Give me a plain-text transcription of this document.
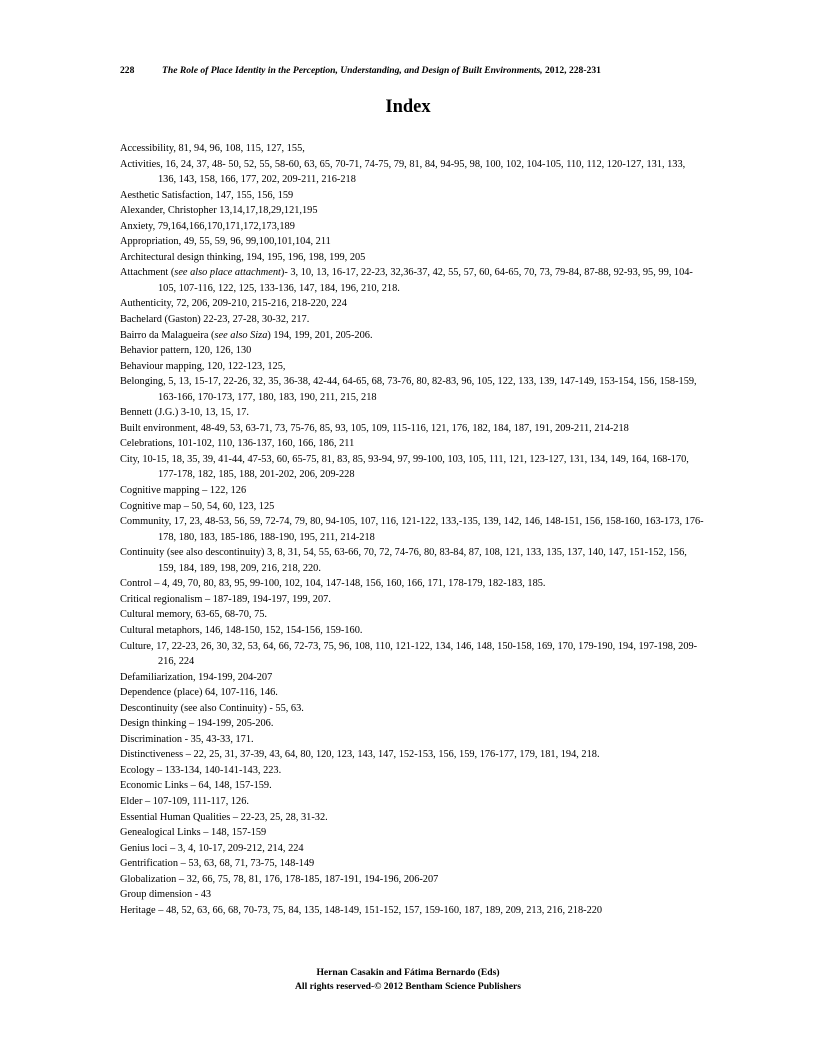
228	The Role of Place Identity in the Perception, Understanding, and Design of Built Environments, 2012, 228-231
Index
Accessibility, 81, 94, 96, 108, 115, 127, 155,
Activities, 16, 24, 37, 48- 50, 52, 55, 58-60, 63, 65, 70-71, 74-75, 79, 81, 84, 94-95, 98, 100, 102, 104-105, 110, 112, 120-127, 131, 133, 136, 143, 158, 166, 177, 202, 209-211, 216-218
Aesthetic Satisfaction, 147, 155, 156, 159
Alexander, Christopher 13,14,17,18,29,121,195
Anxiety, 79,164,166,170,171,172,173,189
Appropriation, 49, 55, 59, 96, 99,100,101,104, 211
Architectural design thinking, 194, 195, 196, 198, 199, 205
Attachment (see also place attachment)- 3, 10, 13, 16-17, 22-23, 32,36-37, 42, 55, 57, 60, 64-65, 70, 73, 79-84, 87-88, 92-93, 95, 99, 104-105, 107-116, 122, 125, 133-136, 147, 184, 196, 210, 218.
Authenticity, 72, 206, 209-210, 215-216, 218-220, 224
Bachelard (Gaston) 22-23, 27-28, 30-32, 217.
Bairro da Malagueira (see also Siza) 194, 199, 201, 205-206.
Behavior pattern, 120, 126, 130
Behaviour mapping, 120, 122-123, 125,
Belonging, 5, 13, 15-17, 22-26, 32, 35, 36-38, 42-44, 64-65, 68, 73-76, 80, 82-83, 96, 105, 122, 133, 139, 147-149, 153-154, 156, 158-159, 163-166, 170-173, 177, 180, 183, 190, 211, 215, 218
Bennett (J.G.) 3-10, 13, 15, 17.
Built environment, 48-49, 53, 63-71, 73, 75-76, 85, 93, 105, 109, 115-116, 121, 176, 182, 184, 187, 191, 209-211, 214-218
Celebrations, 101-102, 110, 136-137, 160, 166, 186, 211
City, 10-15, 18, 35, 39, 41-44, 47-53, 60, 65-75, 81, 83, 85, 93-94, 97, 99-100, 103, 105, 111, 121, 123-127, 131, 134, 149, 164, 168-170, 177-178, 182, 185, 188, 201-202, 206, 209-228
Cognitive mapping – 122, 126
Cognitive map – 50, 54, 60, 123, 125
Community, 17, 23, 48-53, 56, 59, 72-74, 79, 80, 94-105, 107, 116, 121-122, 133,-135, 139, 142, 146, 148-151, 156, 158-160, 163-173, 176-178, 180, 183, 185-186, 188-190, 195, 211, 214-218
Continuity (see also descontinuity) 3, 8, 31, 54, 55, 63-66, 70, 72, 74-76, 80, 83-84, 87, 108, 121, 133, 135, 137, 140, 147, 151-152, 156, 159, 184, 189, 198, 209, 216, 218, 220.
Control – 4, 49, 70, 80, 83, 95, 99-100, 102, 104, 147-148, 156, 160, 166, 171, 178-179, 182-183, 185.
Critical regionalism – 187-189, 194-197, 199, 207.
Cultural memory, 63-65, 68-70, 75.
Cultural metaphors, 146, 148-150, 152, 154-156, 159-160.
Culture, 17, 22-23, 26, 30, 32, 53, 64, 66, 72-73, 75, 96, 108, 110, 121-122, 134, 146, 148, 150-158, 169, 170, 179-190, 194, 197-198, 209-216, 224
Defamiliarization, 194-199, 204-207
Dependence (place) 64, 107-116, 146.
Descontinuity (see also Continuity) - 55, 63.
Design thinking – 194-199, 205-206.
Discrimination - 35, 43-33, 171.
Distinctiveness – 22, 25, 31, 37-39, 43, 64, 80, 120, 123, 143, 147, 152-153, 156, 159, 176-177, 179, 181, 194, 218.
Ecology – 133-134, 140-141-143, 223.
Economic Links – 64, 148, 157-159.
Elder – 107-109, 111-117, 126.
Essential Human Qualities – 22-23, 25, 28, 31-32.
Genealogical Links – 148, 157-159
Genius loci – 3, 4, 10-17, 209-212, 214, 224
Gentrification – 53, 63, 68, 71, 73-75, 148-149
Globalization – 32, 66, 75, 78, 81, 176, 178-185, 187-191, 194-196, 206-207
Group dimension - 43
Heritage – 48, 52, 63, 66, 68, 70-73, 75, 84, 135, 148-149, 151-152, 157, 159-160, 187, 189, 209, 213, 216, 218-220
Hernan Casakin and Fátima Bernardo (Eds)
All rights reserved-© 2012 Bentham Science Publishers
